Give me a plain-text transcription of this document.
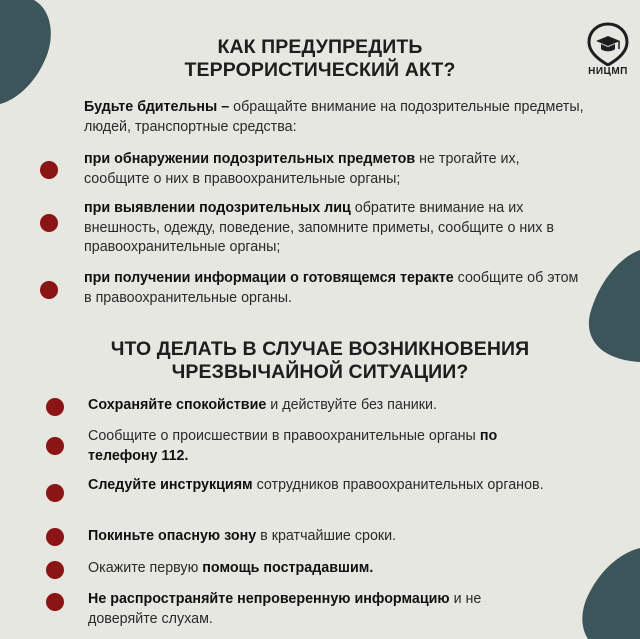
НИЦМП
КАК ПРЕДУПРЕДИТЬ
ТЕРРОРИСТИЧЕСКИЙ АКТ?

Будьте бдительны – обращайте внимание на подозрительные предметы, людей, транспортные средства:

при обнаружении подозрительных предметов не трогайте их, сообщите о них в правоохранительные органы;

при выявлении подозрительных лиц обратите внимание на их внешность, одежду, поведение, запомните приметы, сообщите о них в правоохранительные органы;

при получении информации о готовящемся теракте сообщите об этом в правоохранительные органы.

ЧТО ДЕЛАТЬ В СЛУЧАЕ ВОЗНИКНОВЕНИЯ
ЧРЕЗВЫЧАЙНОЙ СИТУАЦИИ?

Сохраняйте спокойствие и действуйте без паники.

Сообщите о происшествии в правоохранительные органы по телефону 112.

Следуйте инструкциям сотрудников правоохранительных органов.

Покиньте опасную зону в кратчайшие сроки.

Окажите первую помощь пострадавшим.

Не распространяйте непроверенную информацию и не доверяйте слухам.
